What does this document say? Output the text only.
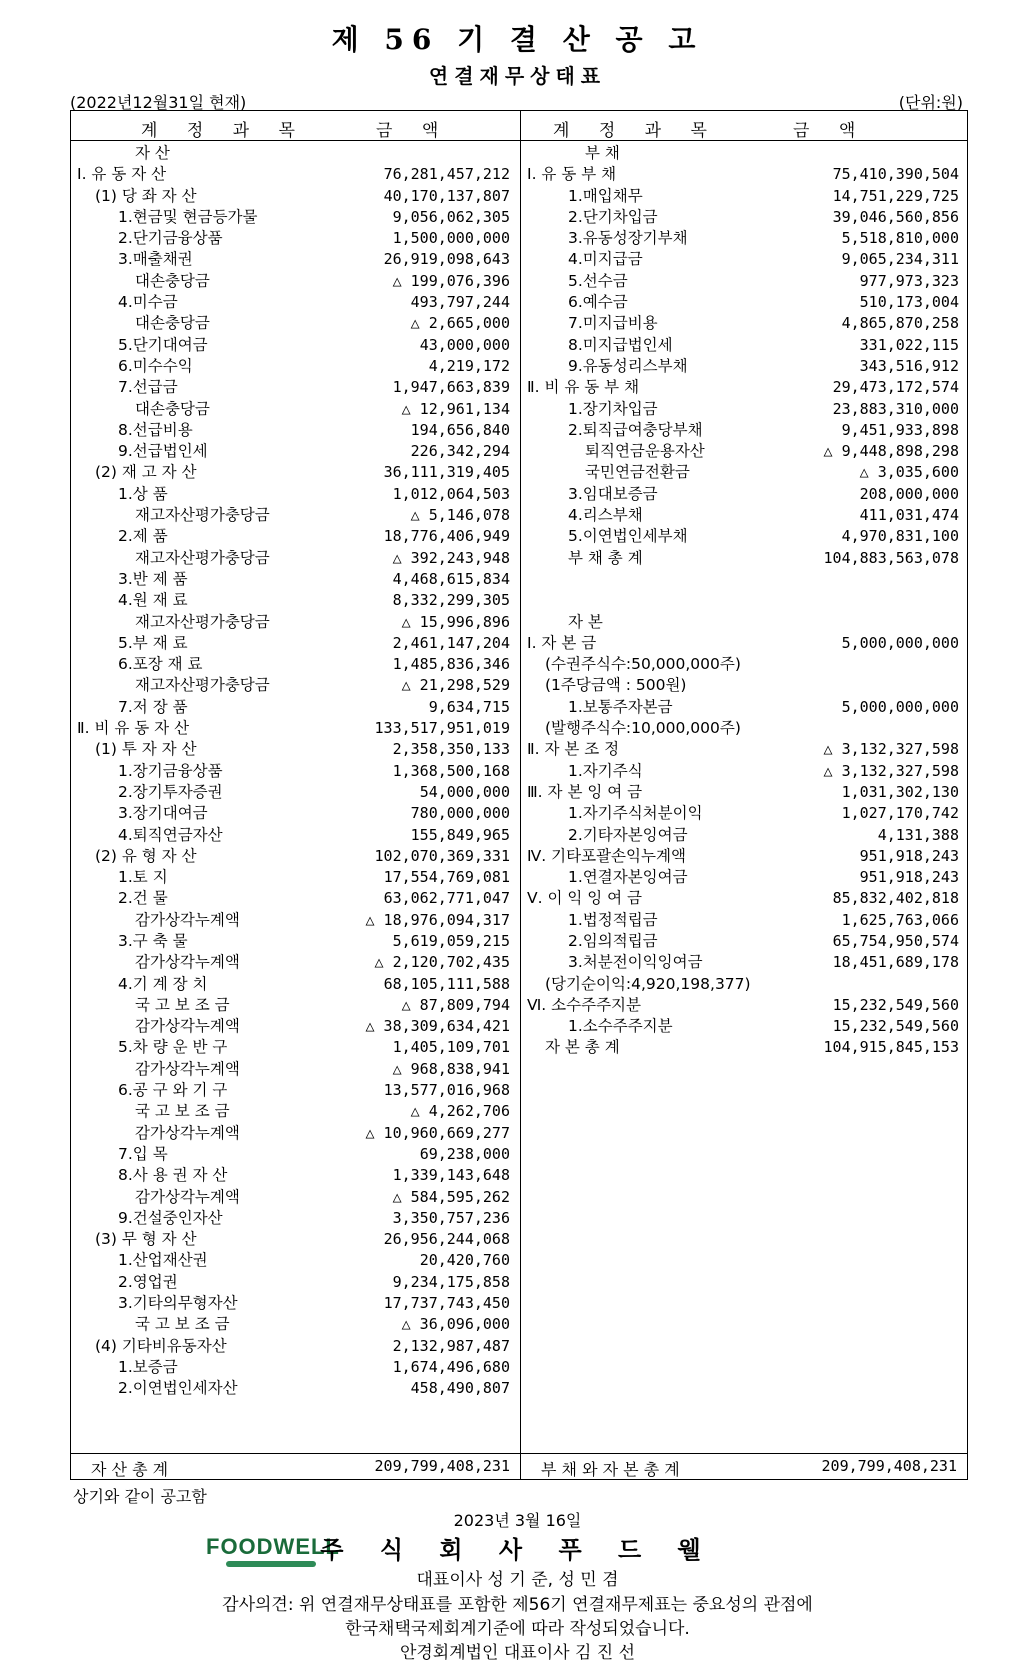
제 56 기 결 산 공 고
연결재무상태표
(2022년12월31일 현재)	(단위:원)
계 정 과 목	금 액	계 정 과 목	금 액
자 산
Ⅰ. 유 동 자 산	76,281,457,212
(1) 당 좌 자 산	40,170,137,807
1.현금및 현금등가물	9,056,062,305
2.단기금융상품	1,500,000,000
3.매출채권	26,919,098,643
대손충당금	△ 199,076,396
4.미수금	493,797,244
대손충당금	△ 2,665,000
5.단기대여금	43,000,000
6.미수수익	4,219,172
7.선급금	1,947,663,839
대손충당금	△ 12,961,134
8.선급비용	194,656,840
9.선급법인세	226,342,294
(2) 재 고 자 산	36,111,319,405
1.상 품	1,012,064,503
재고자산평가충당금	△ 5,146,078
2.제 품	18,776,406,949
재고자산평가충당금	△ 392,243,948
3.반 제 품	4,468,615,834
4.원 재 료	8,332,299,305
재고자산평가충당금	△ 15,996,896
5.부 재 료	2,461,147,204
6.포장 재 료	1,485,836,346
재고자산평가충당금	△ 21,298,529
7.저 장 품	9,634,715
Ⅱ. 비 유 동 자 산	133,517,951,019
(1) 투 자 자 산	2,358,350,133
1.장기금융상품	1,368,500,168
2.장기투자증권	54,000,000
3.장기대여금	780,000,000
4.퇴직연금자산	155,849,965
(2) 유 형 자 산	102,070,369,331
1.토 지	17,554,769,081
2.건 물	63,062,771,047
감가상각누계액	△ 18,976,094,317
3.구 축 물	5,619,059,215
감가상각누계액	△ 2,120,702,435
4.기 계 장 치	68,105,111,588
국 고 보 조 금	△ 87,809,794
감가상각누계액	△ 38,309,634,421
5.차 량 운 반 구	1,405,109,701
감가상각누계액	△ 968,838,941
6.공 구 와 기 구	13,577,016,968
국 고 보 조 금	△ 4,262,706
감가상각누계액	△ 10,960,669,277
7.입 목	69,238,000
8.사 용 권 자 산	1,339,143,648
감가상각누계액	△ 584,595,262
9.건설중인자산	3,350,757,236
(3) 무 형 자 산	26,956,244,068
1.산업재산권	20,420,760
2.영업권	9,234,175,858
3.기타의무형자산	17,737,743,450
국 고 보 조 금	△ 36,096,000
(4) 기타비유동자산	2,132,987,487
1.보증금	1,674,496,680
2.이연법인세자산	458,490,807
부 채
Ⅰ. 유 동 부 채	75,410,390,504
1.매입채무	14,751,229,725
2.단기차입금	39,046,560,856
3.유동성장기부채	5,518,810,000
4.미지급금	9,065,234,311
5.선수금	977,973,323
6.예수금	510,173,004
7.미지급비용	4,865,870,258
8.미지급법인세	331,022,115
9.유동성리스부채	343,516,912
Ⅱ. 비 유 동 부 채	29,473,172,574
1.장기차입금	23,883,310,000
2.퇴직급여충당부채	9,451,933,898
퇴직연금운용자산	△ 9,448,898,298
국민연금전환금	△ 3,035,600
3.임대보증금	208,000,000
4.리스부채	411,031,474
5.이연법인세부채	4,970,831,100
부 채 총 계	104,883,563,078
자 본
Ⅰ. 자 본 금	5,000,000,000
(수권주식수:50,000,000주)
(1주당금액 : 500원)
1.보통주자본금	5,000,000,000
(발행주식수:10,000,000주)
Ⅱ. 자 본 조 정	△ 3,132,327,598
1.자기주식	△ 3,132,327,598
Ⅲ. 자 본 잉 여 금	1,031,302,130
1.자기주식처분이익	1,027,170,742
2.기타자본잉여금	4,131,388
Ⅳ. 기타포괄손익누계액	951,918,243
1.연결자본잉여금	951,918,243
Ⅴ. 이 익 잉 여 금	85,832,402,818
1.법정적립금	1,625,763,066
2.임의적립금	65,754,950,574
3.처분전이익잉여금	18,451,689,178
(당기순이익:4,920,198,377)
Ⅵ. 소수주주지분	15,232,549,560
1.소수주주지분	15,232,549,560
자 본 총 계	104,915,845,153
자 산 총 계	209,799,408,231 부 채 와 자 본 총 계	209,799,408,231
상기와 같이 공고함
2023년 3월 16일
FOODWELL
주 식 회 사 푸 드 웰
대표이사 성 기 준, 성 민 겸
감사의견: 위 연결재무상태표를 포함한 제56기 연결재무제표는 중요성의 관점에
한국채택국제회계기준에 따라 작성되었습니다.
안경회계법인 대표이사 김 진 선
